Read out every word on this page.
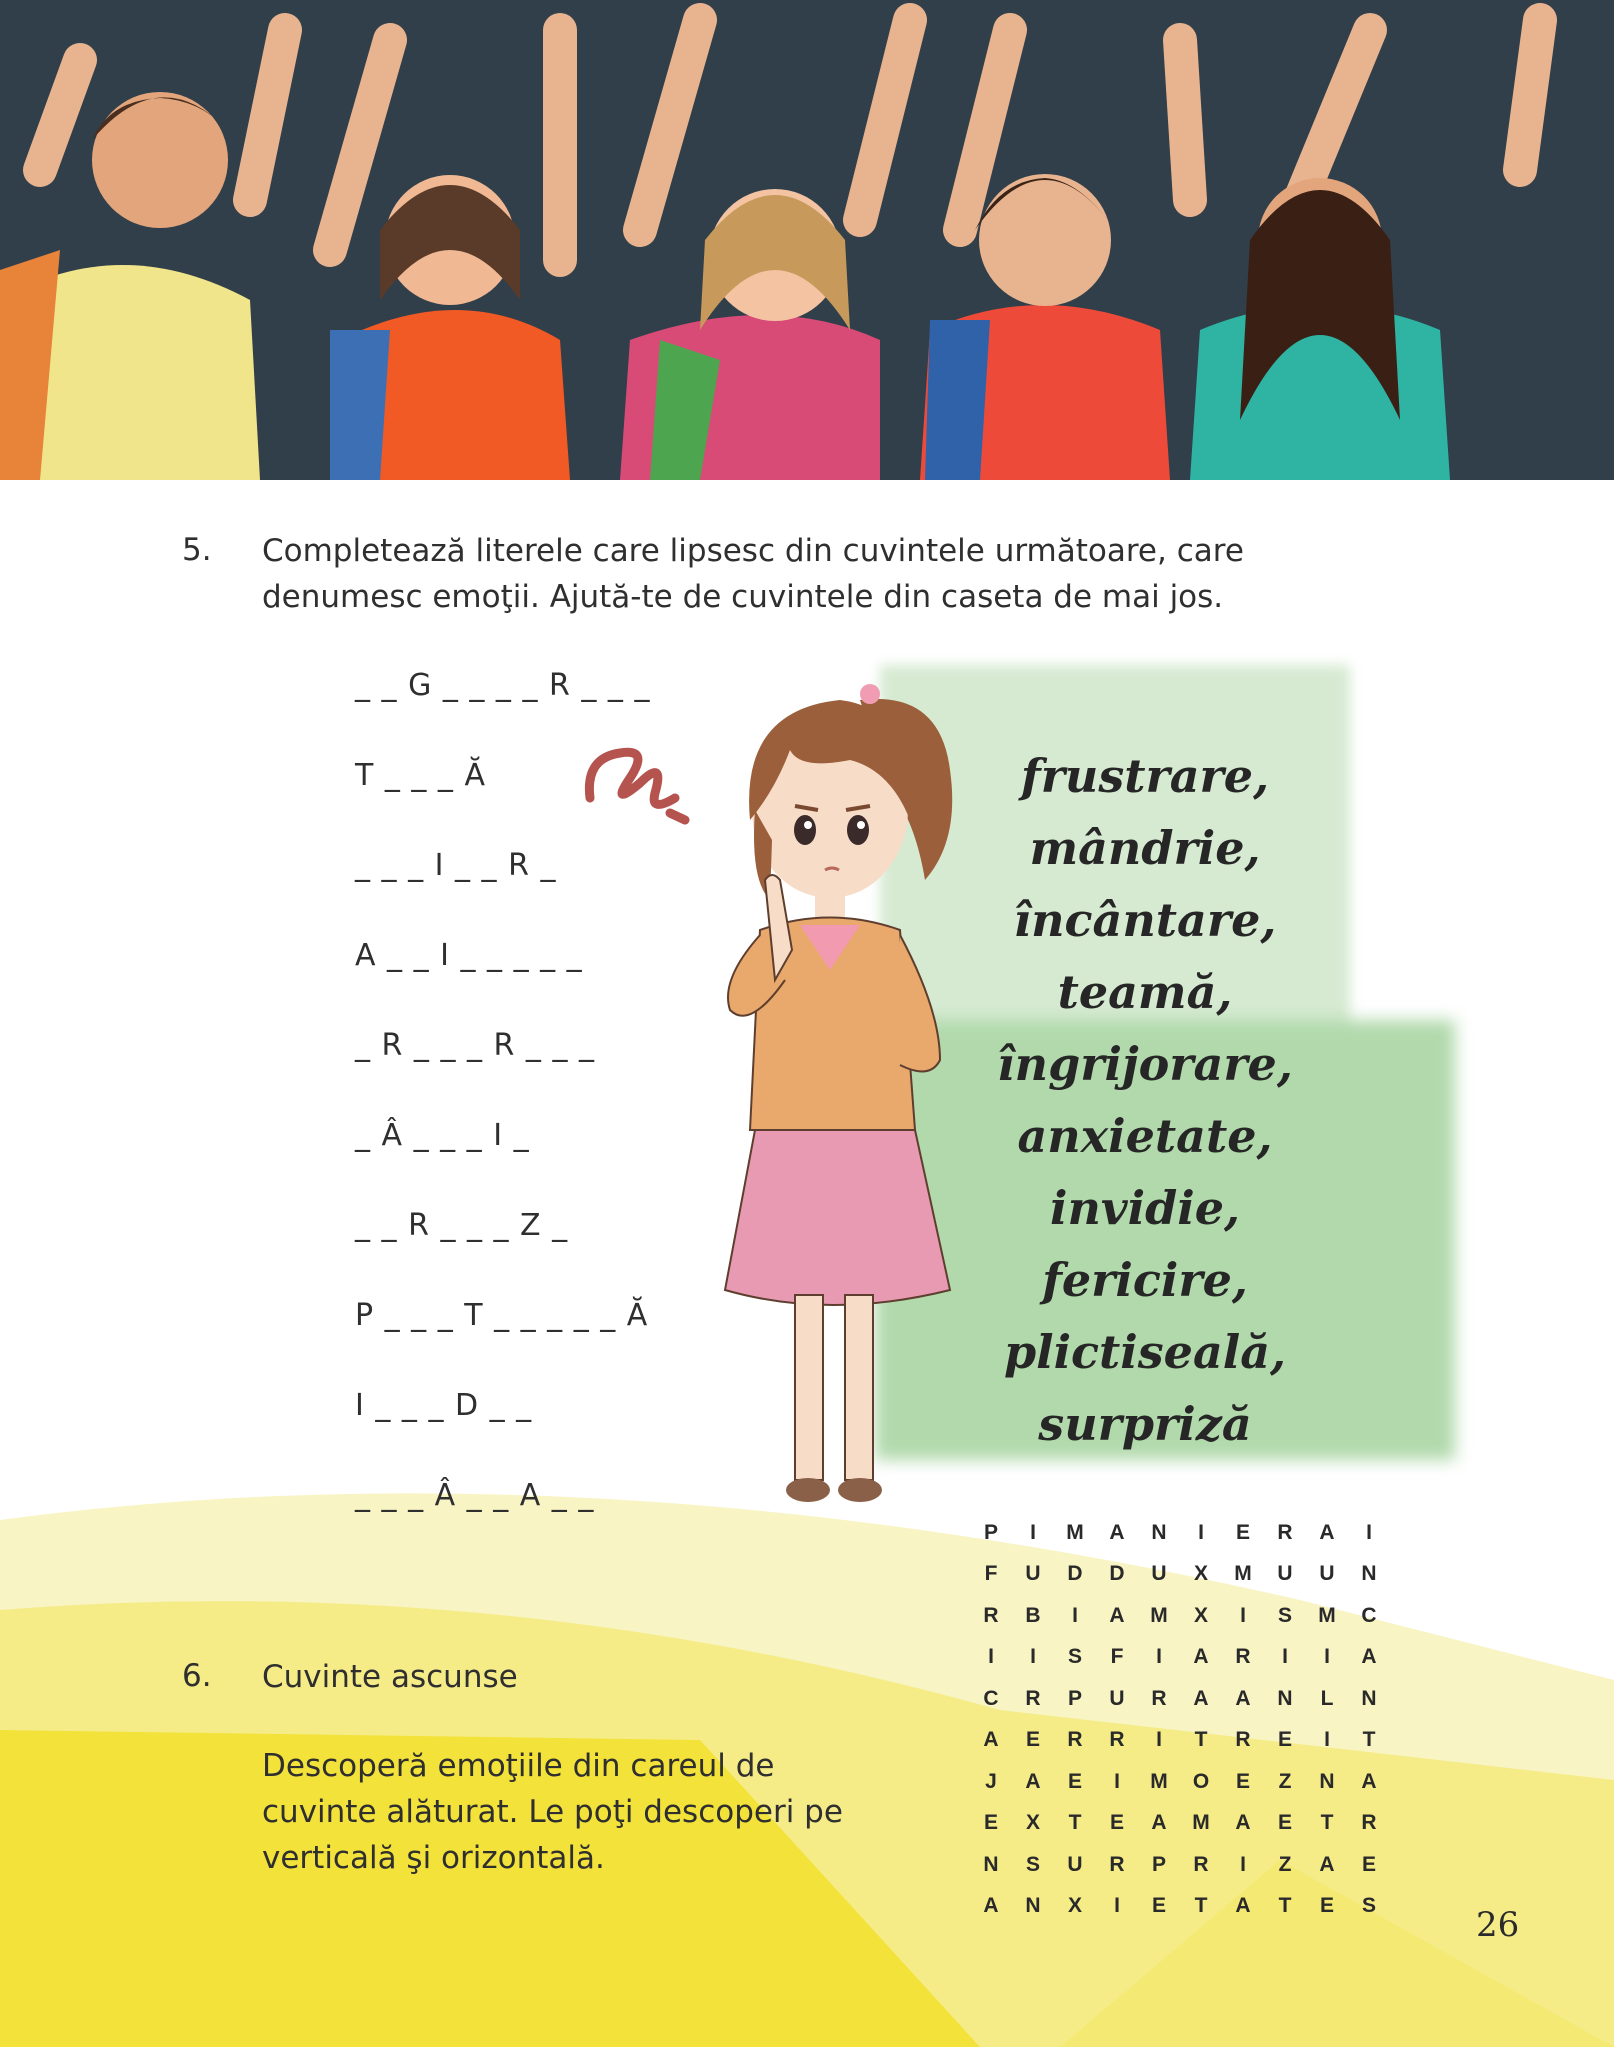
5. Completează literele care lipsesc din cuvintele următoare, care
denumesc emoţii. Ajută-te de cuvintele din caseta de mai jos.
_ _ G _ _ _ _ R _ _ _
T _ _ _ Ă
_ _ _ I _ _ R _
A _ _ I _ _ _ _ _
_ R _ _ _ R _ _ _
_ Â _ _ _ I _
_ _ R _ _ _ Z _
P _ _ _ T _ _ _ _ _ Ă
I _ _ _ D _ _
_ _ _ Â _ _ A _ _
frustrare,
mândrie,
încântare,
teamă,
îngrijorare,
anxietate,
invidie,
fericire,
plictiseală,
surpriză
6. Cuvinte ascunse
Descoperă emoţiile din careul de
cuvinte alăturat. Le poţi descoperi pe
verticală şi orizontală.
P	I	M	A	N	I	E	R	A	I
F	U	D	D	U	X	M	U	U	N
R	B	I	A	M	X	I	S	M	C
I	I	S	F	I	A	R	I	I	A
C	R	P	U	R	A	A	N	L	N
A	E	R	R	I	T	R	E	I	T
J	A	E	I	M	O	E	Z	N	A
E	X	T	E	A	M	A	E	T	R
N	S	U	R	P	R	I	Z	A	E
A	N	X	I	E	T	A	T	E	S	26
